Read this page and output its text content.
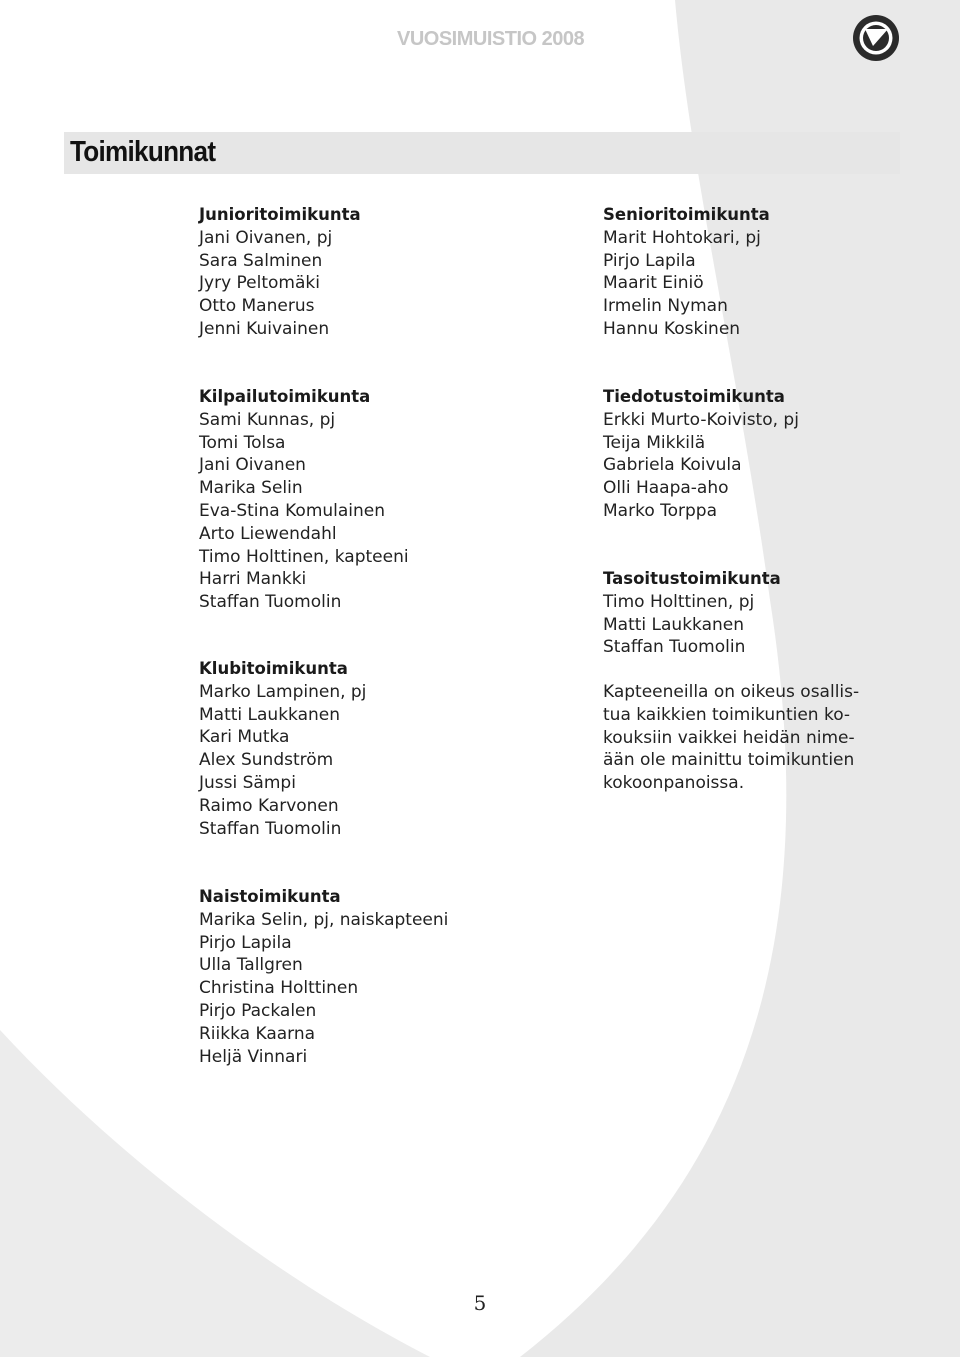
VUOSIMUISTIO 2008
Toimikunnat
Junioritoimikunta
Jani Oivanen, pj
Sara Salminen
Jyry Peltomäki
Otto Manerus
Jenni Kuivainen
Senioritoimikunta
Marit Hohtokari, pj
Pirjo Lapila
Maarit Einiö
Irmelin Nyman
Hannu Koskinen
Kilpailutoimikunta
Sami Kunnas, pj
Tomi Tolsa
Jani Oivanen
Marika Selin
Eva-Stina Komulainen
Arto Liewendahl
Timo Holttinen, kapteeni
Harri Mankki
Staffan Tuomolin
Tiedotustoimikunta
Erkki Murto-Koivisto, pj
Teija Mikkilä
Gabriela Koivula
Olli Haapa-aho
Marko Torppa
Tasoitustoimikunta
Timo Holttinen, pj
Matti Laukkanen
Staffan Tuomolin
Kapteeneilla on oikeus osallis-
tua kaikkien toimikuntien ko-
kouksiin vaikkei heidän nime-
ään ole mainittu toimikuntien
kokoonpanoissa.
Klubitoimikunta
Marko Lampinen, pj
Matti Laukkanen
Kari Mutka
Alex Sundström
Jussi Sämpi
Raimo Karvonen
Staffan Tuomolin
Naistoimikunta
Marika Selin, pj, naiskapteeni
Pirjo Lapila
Ulla Tallgren
Christina Holttinen
Pirjo Packalen
Riikka Kaarna
Heljä Vinnari
5
